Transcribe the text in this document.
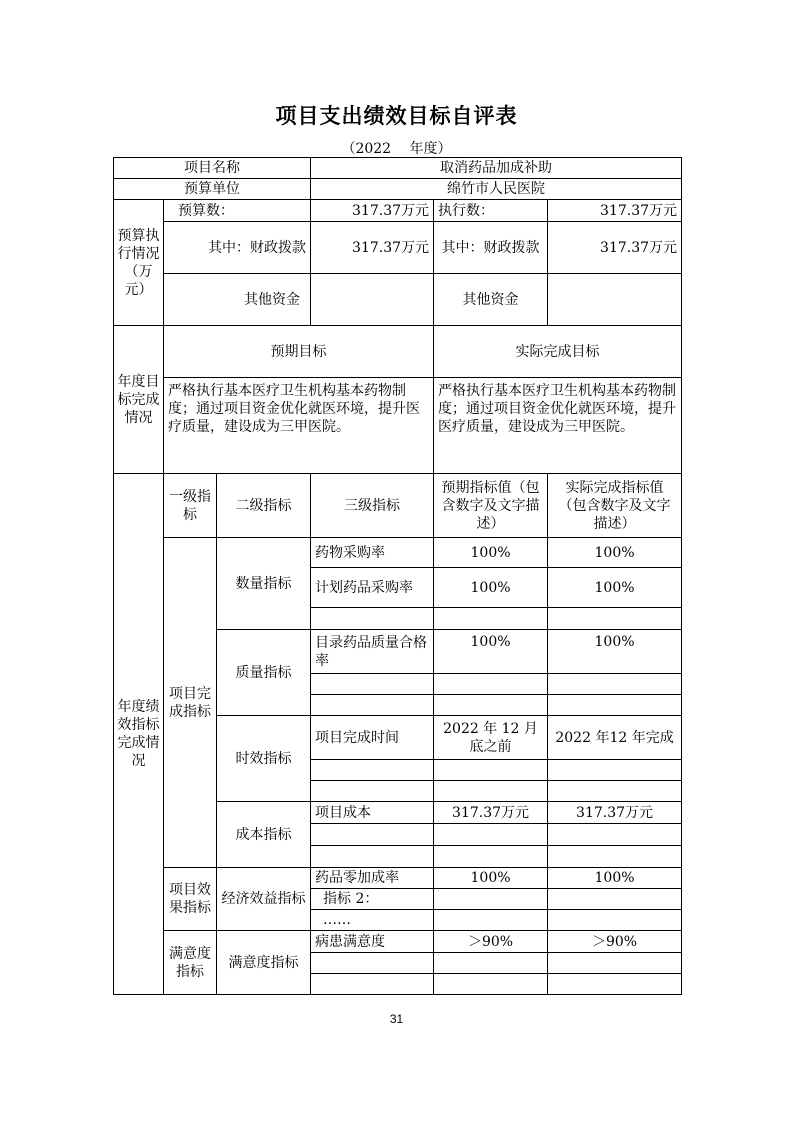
项目支出绩效目标自评表
（2022 　年度）
项目名称			取消药品加成补助		
预算单位			绵竹市人民医院		
预算执行情况（万元）	预算数：		317.37万元	执行数：	317.37万元
	其中：财政拨款		317.37万元	其中：财政拨款	317.37万元
	其他资金			其他资金	
年度目标完成情况	预期目标			实际完成目标	
	严格执行基本医疗卫生机构基本药物制度；通过项目资金优化就医环境，提升医疗质量，建设成为三甲医院。			严格执行基本医疗卫生机构基本药物制度；通过项目资金优化就医环境，提升医疗质量，建设成为三甲医院。	
年度绩效指标完成情况	一级指标	二级指标	三级指标	预期指标值（包含数字及文字描述）	实际完成指标值（包含数字及文字描述）
	项目完成指标	数量指标	药物采购率	100%	100%
			计划药品采购率	100%	100%

		质量指标	目录药品质量合格率	100%	100%

		时效指标	项目完成时间	2022 年 12 月底之前	2022 年12 年完成

		成本指标	项目成本	317.37万元	317.37万元

	项目效果指标	经济效益指标	药品零加成率	100%	100%
			指标 2：		
			……		
	满意度指标	满意度指标	病患满意度	＞90%	＞90%

31
